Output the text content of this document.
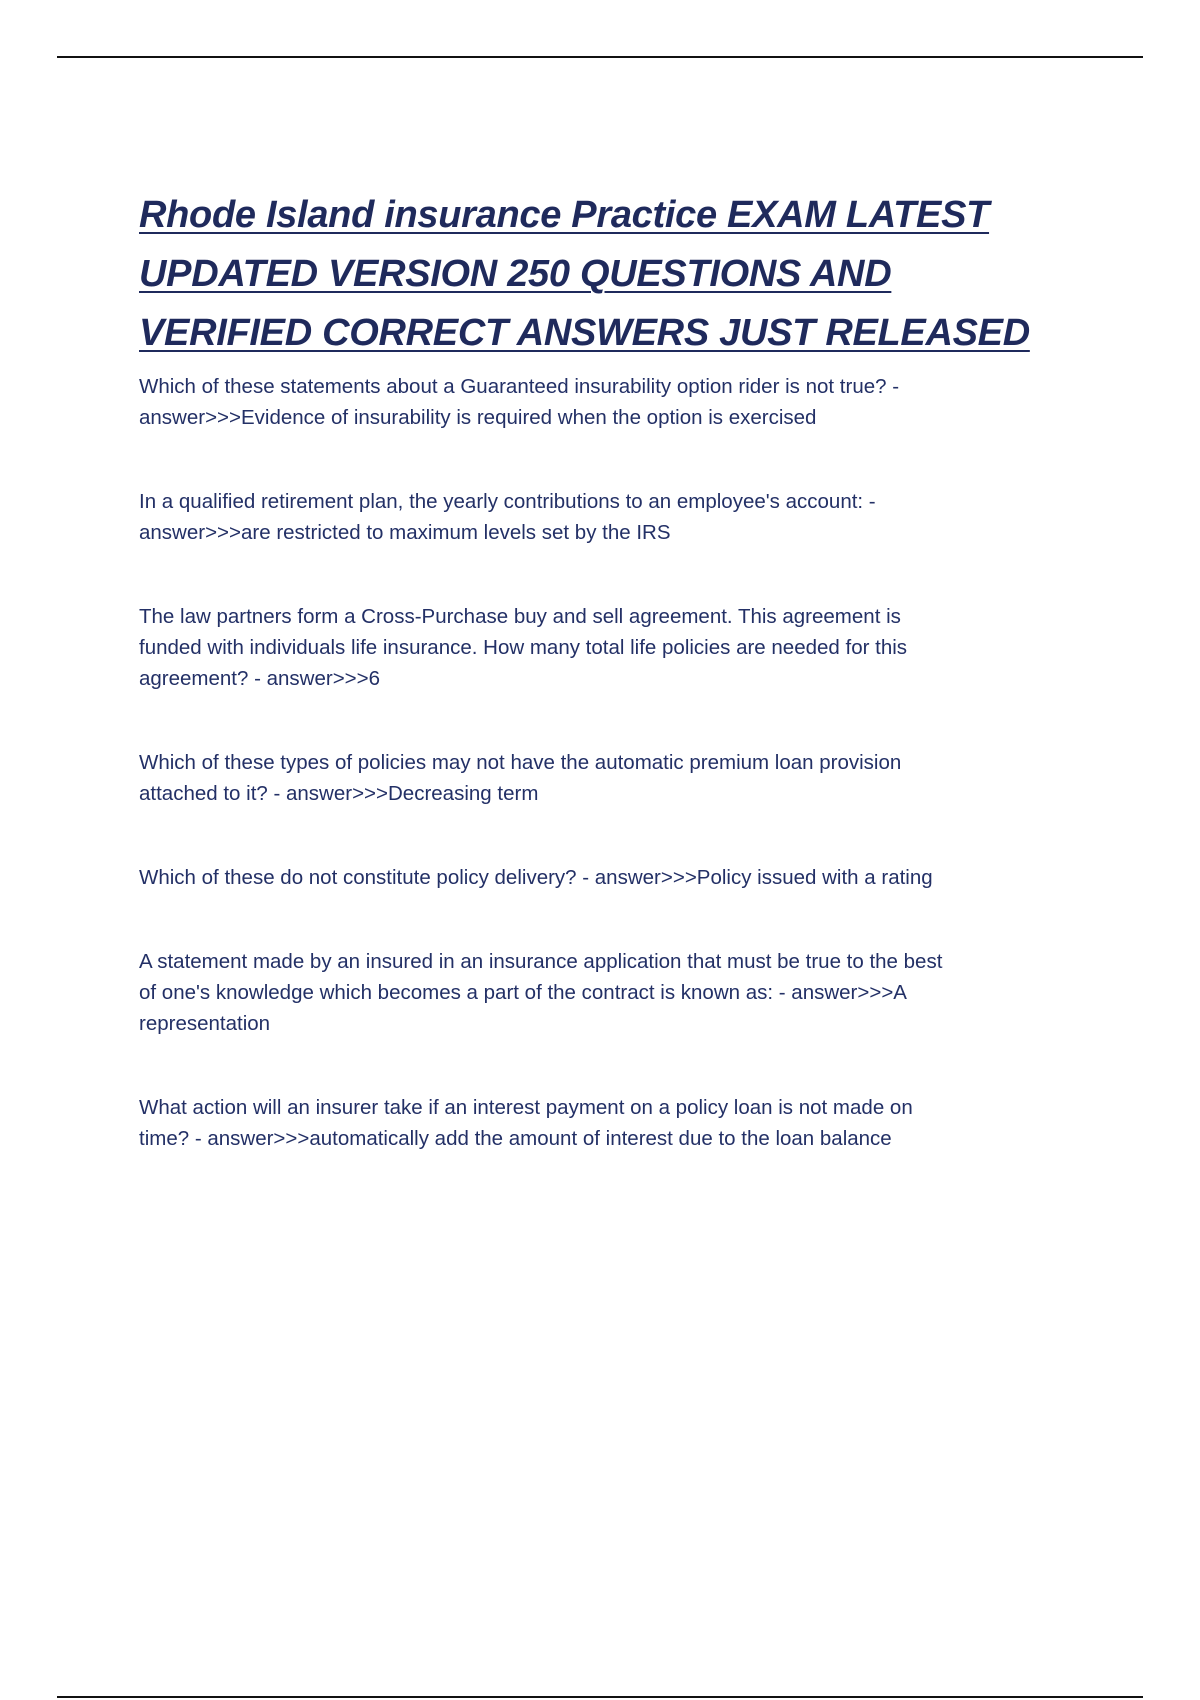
Rhode Island insurance Practice EXAM LATEST
UPDATED VERSION 250 QUESTIONS AND
VERIFIED CORRECT ANSWERS JUST RELEASED

Which of these statements about a Guaranteed insurability option rider is not true? -
answer>>>Evidence of insurability is required when the option is exercised

In a qualified retirement plan, the yearly contributions to an employee's account: -
answer>>>are restricted to maximum levels set by the IRS

The law partners form a Cross-Purchase buy and sell agreement. This agreement is
funded with individuals life insurance. How many total life policies are needed for this
agreement? - answer>>>6

Which of these types of policies may not have the automatic premium loan provision
attached to it? - answer>>>Decreasing term

Which of these do not constitute policy delivery? - answer>>>Policy issued with a rating

A statement made by an insured in an insurance application that must be true to the best
of one's knowledge which becomes a part of the contract is known as: - answer>>>A
representation

What action will an insurer take if an interest payment on a policy loan is not made on
time? - answer>>>automatically add the amount of interest due to the loan balance
